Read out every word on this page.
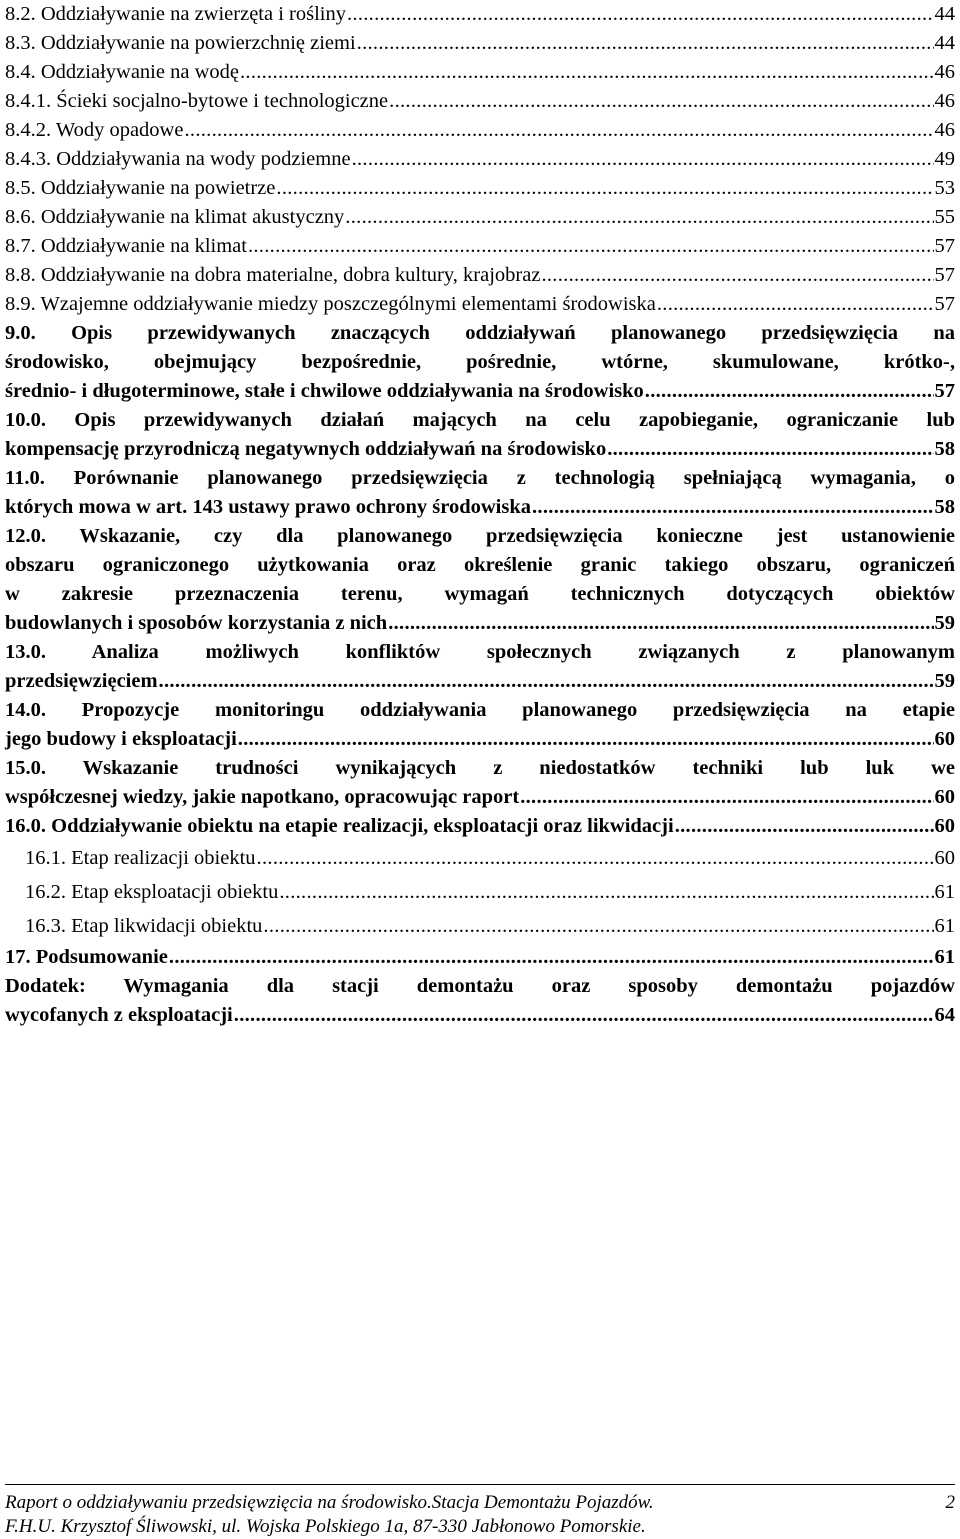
8.2. Oddziaływanie na zwierzęta i rośliny .....	44
8.3. Oddziaływanie na powierzchnię ziemi .....	44
8.4. Oddziaływanie na wodę .....	46
8.4.1. Ścieki socjalno-bytowe i technologiczne .....	46
8.4.2. Wody opadowe .....	46
8.4.3. Oddziaływania na wody podziemne .....	49
8.5. Oddziaływanie na powietrze .....	53
8.6. Oddziaływanie na klimat akustyczny .....	55
8.7. Oddziaływanie na klimat .....	57
8.8. Oddziaływanie na dobra materialne, dobra kultury, krajobraz .....	57
8.9. Wzajemne oddziaływanie miedzy poszczególnymi elementami środowiska .....	57
9.0. Opis przewidywanych znaczących oddziaływań planowanego przedsięwzięcia na
środowisko, obejmujący bezpośrednie, pośrednie, wtórne, skumulowane, krótko-,
średnio- i długoterminowe, stałe i chwilowe oddziaływania na środowisko .....	57
10.0. Opis przewidywanych działań mających na celu zapobieganie, ograniczanie lub
kompensację przyrodniczą negatywnych oddziaływań na środowisko .....	58
11.0. Porównanie planowanego przedsięwzięcia z technologią spełniającą wymagania, o
których mowa w art. 143 ustawy prawo ochrony środowiska .....	58
12.0. Wskazanie, czy dla planowanego przedsięwzięcia konieczne jest ustanowienie
obszaru ograniczonego użytkowania oraz określenie granic takiego obszaru, ograniczeń
w zakresie przeznaczenia terenu, wymagań technicznych dotyczących obiektów
budowlanych i sposobów korzystania z nich .....	59
13.0. Analiza możliwych konfliktów społecznych związanych z planowanym
przedsięwzięciem .....	59
14.0. Propozycje monitoringu oddziaływania planowanego przedsięwzięcia na etapie
jego budowy i eksploatacji .....	60
15.0. Wskazanie trudności wynikających z niedostatków techniki lub luk we
współczesnej wiedzy, jakie napotkano, opracowując raport .....	60
16.0. Oddziaływanie obiektu na etapie realizacji, eksploatacji oraz likwidacji .....	60
16.1. Etap realizacji obiektu .....	60
16.2. Etap eksploatacji obiektu .....	61
16.3. Etap likwidacji obiektu .....	61
17. Podsumowanie .....	61
Dodatek: Wymagania dla stacji demontażu oraz sposoby demontażu pojazdów
wycofanych z eksploatacji .....	64
Raport o oddziaływaniu przedsięwzięcia na środowisko.Stacja Demontażu Pojazdów.	2
F.H.U. Krzysztof Śliwowski, ul. Wojska Polskiego 1a, 87-330 Jabłonowo Pomorskie.
